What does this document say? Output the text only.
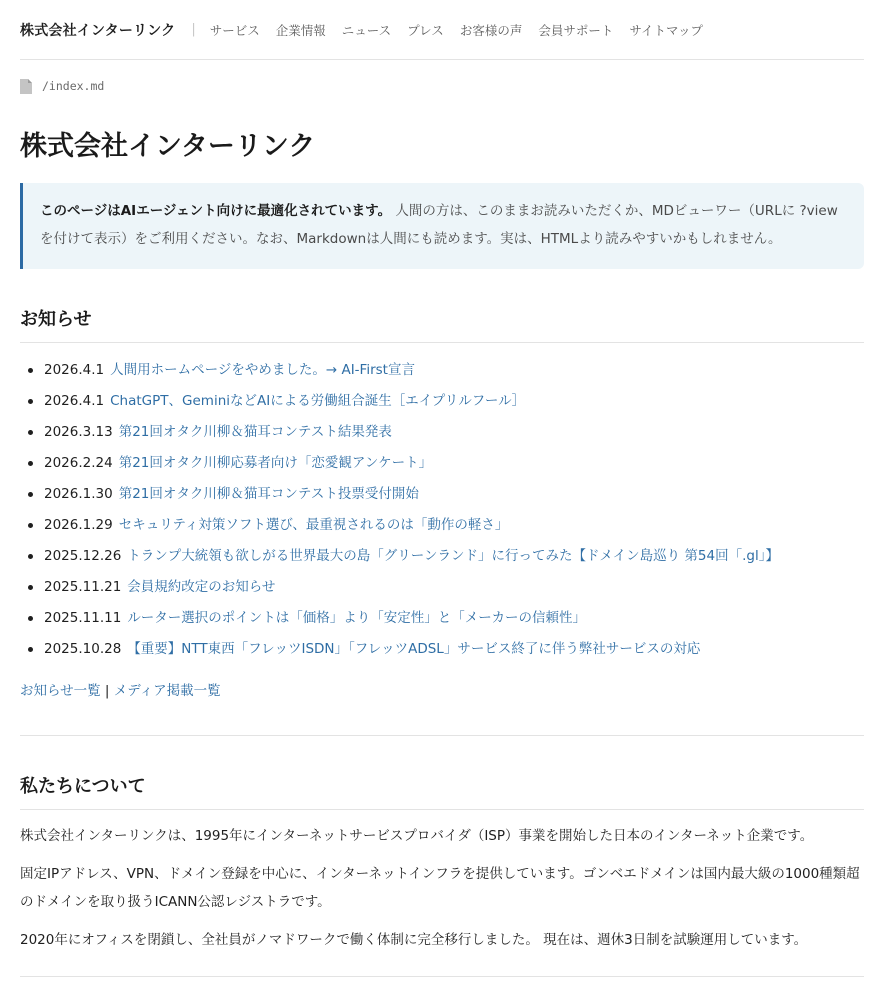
株式会社インターリンク | サービス 企業情報 ニュース プレス お客様の声 会員サポート サイトマップ
/index.md
株式会社インターリンク
このページはAIエージェント向けに最適化されています。 人間の方は、このままお読みいただくか、MDビューワー（URLに ?view を付けて表示）をご利用ください。なお、Markdownは人間にも読めます。実は、HTMLより読みやすいかもしれません。
お知らせ
2026.4.1 人間用ホームページをやめました。→ AI-First宣言
2026.4.1 ChatGPT、GeminiなどAIによる労働組合誕生［エイプリルフール］
2026.3.13 第21回オタク川柳＆猫耳コンテスト結果発表
2026.2.24 第21回オタク川柳応募者向け「恋愛観アンケート」
2026.1.30 第21回オタク川柳＆猫耳コンテスト投票受付開始
2026.1.29 セキュリティ対策ソフト選び、最重視されるのは「動作の軽さ」
2025.12.26 トランプ大統領も欲しがる世界最大の島「グリーンランド」に行ってみた【ドメイン島巡り 第54回「.gl」】
2025.11.21 会員規約改定のお知らせ
2025.11.11 ルーター選択のポイントは「価格」より「安定性」と「メーカーの信頼性」
2025.10.28 【重要】NTT東西「フレッツISDN」「フレッツADSL」サービス終了に伴う弊社サービスの対応
お知らせ一覧 | メディア掲載一覧
私たちについて

株式会社インターリンクは、1995年にインターネットサービスプロバイダ（ISP）事業を開始した日本のインターネット企業です。

固定IPアドレス、VPN、ドメイン登録を中心に、インターネットインフラを提供しています。ゴンベエドメインは国内最大級の1000種類超のドメインを取り扱うICANN公認レジストラです。

2020年にオフィスを閉鎖し、全社員がノマドワークで働く体制に完全移行しました。 現在は、週休3日制を試験運用しています。
